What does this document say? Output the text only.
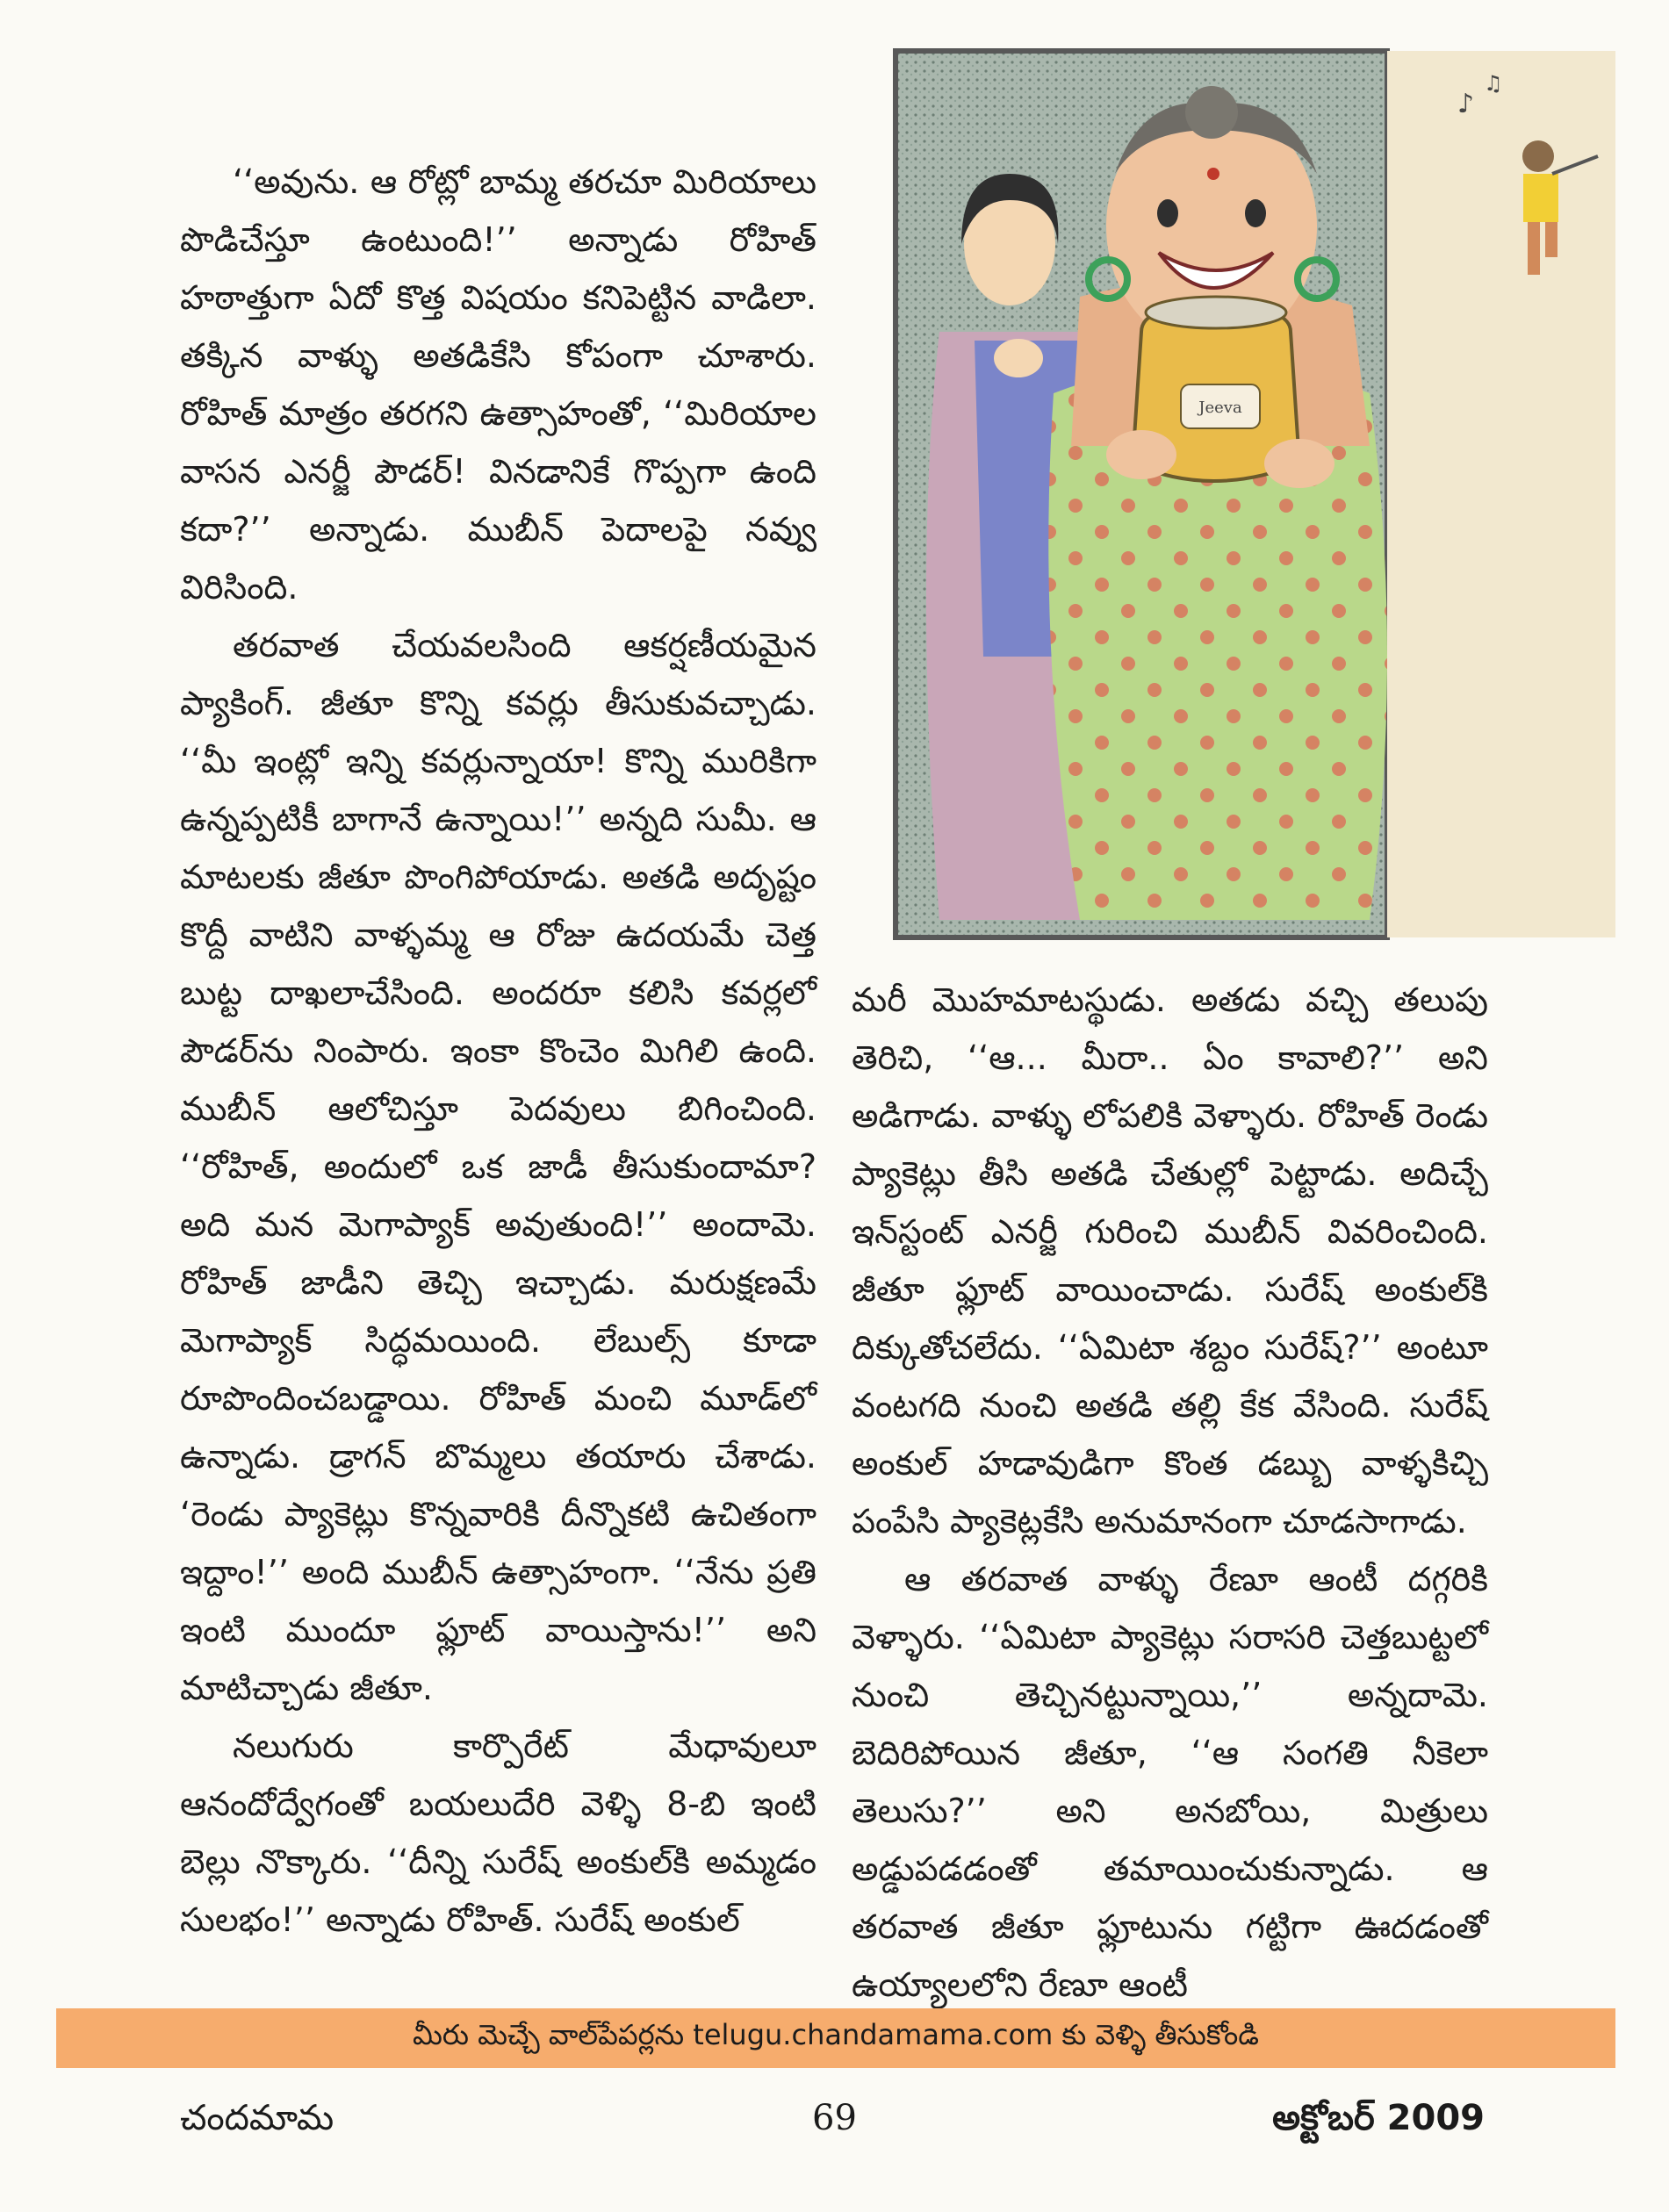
‘‘అవును. ఆ రోట్లో బామ్మ తరచూ మిరియాలు పొడిచేస్తూ ఉంటుంది!’’ అన్నాడు రోహిత్ హఠాత్తుగా ఏదో కొత్త విషయం కనిపెట్టిన వాడిలా. తక్కిన వాళ్ళు అతడికేసి కోపంగా చూశారు. రోహిత్ మాత్రం తరగని ఉత్సాహంతో, ‘‘మిరియాల వాసన ఎనర్జీ పౌడర్! వినడానికే గొప్పగా ఉంది కదా?’’ అన్నాడు. ముబీన్ పెదాలపై నవ్వు విరిసింది.

తరవాత చేయవలసింది ఆకర్షణీయమైన ప్యాకింగ్. జీతూ కొన్ని కవర్లు తీసుకువచ్చాడు. ‘‘మీ ఇంట్లో ఇన్ని కవర్లున్నాయా! కొన్ని మురికిగా ఉన్నప్పటికీ బాగానే ఉన్నాయి!’’ అన్నది సుమీ. ఆ మాటలకు జీతూ పొంగిపోయాడు. అతడి అదృష్టం కొద్దీ వాటిని వాళ్ళమ్మ ఆ రోజు ఉదయమే చెత్త బుట్ట దాఖలాచేసింది. అందరూ కలిసి కవర్లలో పౌడర్‌ను నింపారు. ఇంకా కొంచెం మిగిలి ఉంది. ముబీన్ ఆలోచిస్తూ పెదవులు బిగించింది. ‘‘రోహిత్, అందులో ఒక జాడీ తీసుకుందామా? అది మన మెగాప్యాక్ అవుతుంది!’’ అందామె. రోహిత్ జాడీని తెచ్చి ఇచ్చాడు. మరుక్షణమే మెగాప్యాక్ సిద్ధమయింది. లేబుల్స్ కూడా రూపొందించబడ్డాయి. రోహిత్ మంచి మూడ్‌లో ఉన్నాడు. డ్రాగన్ బొమ్మలు తయారు చేశాడు. ‘రెండు ప్యాకెట్లు కొన్నవారికి దీన్నొకటి ఉచితంగా ఇద్దాం!’’ అంది ముబీన్ ఉత్సాహంగా. ‘‘నేను ప్రతి ఇంటి ముందూ ఫ్లూట్ వాయిస్తాను!’’ అని మాటిచ్చాడు జీతూ.

నలుగురు కార్పొరేట్ మేధావులూ ఆనందోద్వేగంతో బయలుదేరి వెళ్ళి 8-బి ఇంటి బెల్లు నొక్కారు. ‘‘దీన్ని సురేష్ అంకుల్‌కి అమ్మడం సులభం!’’ అన్నాడు రోహిత్. సురేష్ అంకుల్

Jeeva
♪
♫

మరీ మొహమాటస్థుడు. అతడు వచ్చి తలుపు తెరిచి, ‘‘ఆ... మీరా.. ఏం కావాలి?’’ అని అడిగాడు. వాళ్ళు లోపలికి వెళ్ళారు. రోహిత్ రెండు ప్యాకెట్లు తీసి అతడి చేతుల్లో పెట్టాడు. అదిచ్చే ఇన్‌స్టంట్ ఎనర్జీ గురించి ముబీన్ వివరించింది. జీతూ ఫ్లూట్ వాయించాడు. సురేష్ అంకుల్‌కి దిక్కుతోచలేదు. ‘‘ఏమిటా శబ్దం సురేష్?’’ అంటూ వంటగది నుంచి అతడి తల్లి కేక వేసింది. సురేష్ అంకుల్ హడావుడిగా కొంత డబ్బు వాళ్ళకిచ్చి పంపేసి ప్యాకెట్లకేసి అనుమానంగా చూడసాగాడు.

ఆ తరవాత వాళ్ళు రేణూ ఆంటీ దగ్గరికి వెళ్ళారు. ‘‘ఏమిటా ప్యాకెట్లు సరాసరి చెత్తబుట్టలో నుంచి తెచ్చినట్టున్నాయి,’’ అన్నదామె. బెదిరిపోయిన జీతూ, ‘‘ఆ సంగతి నీకెలా తెలుసు?’’ అని అనబోయి, మిత్రులు అడ్డుపడడంతో తమాయించుకున్నాడు. ఆ తరవాత జీతూ ఫ్లూటును గట్టిగా ఊదడంతో ఉయ్యాలలోని రేణూ ఆంటీ

మీరు మెచ్చే వాల్‌పేపర్లను telugu.chandamama.com కు వెళ్ళి తీసుకోండి
చందమామ	69	అక్టోబర్ 2009
